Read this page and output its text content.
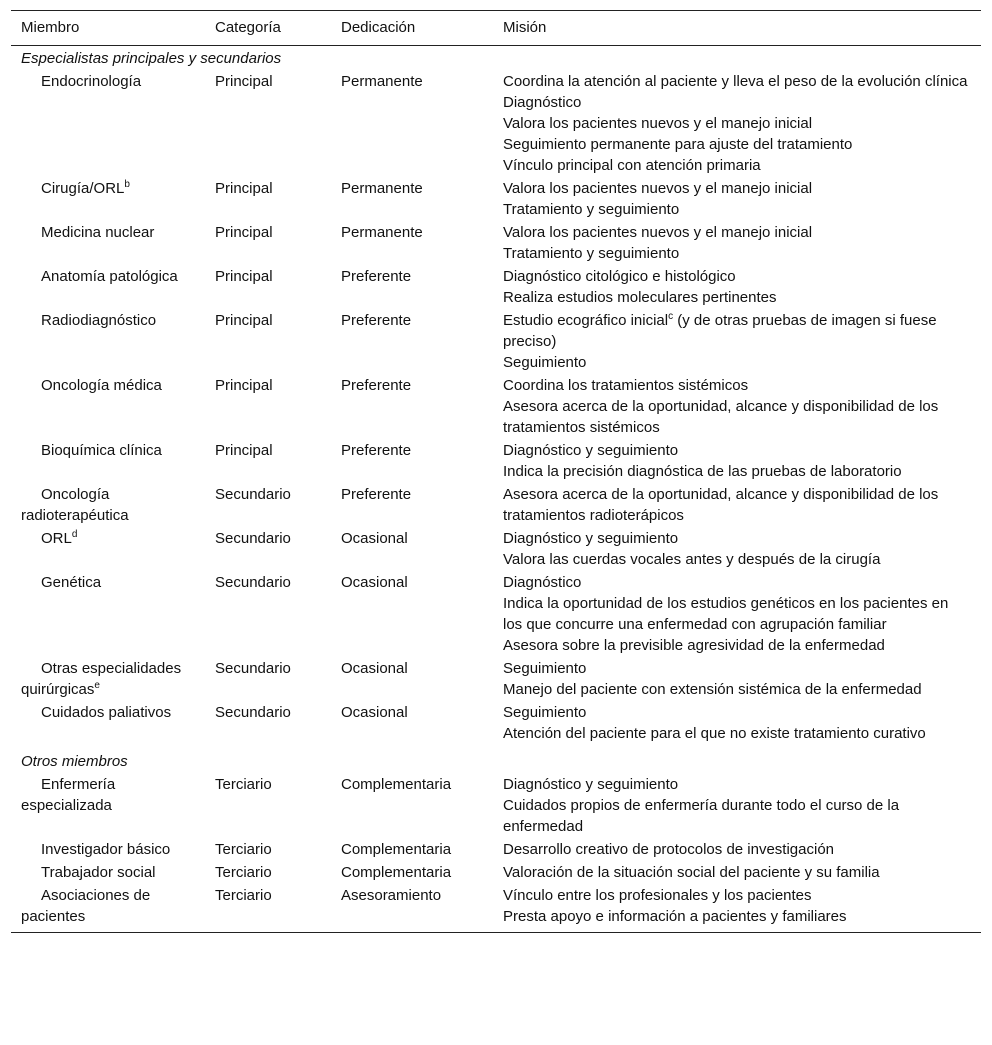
Miembro	Categoría	Dedicación	Misión
Especialistas principales y secundarios			

Endocrinología	Principal	Permanente	Coordina la atención al paciente y lleva el peso de la evolución clínica
Diagnóstico
Valora los pacientes nuevos y el manejo inicial
Seguimiento permanente para ajuste del tratamiento
Vínculo principal con atención primaria

Cirugía/ORL$^b$	Principal	Permanente	Valora los pacientes nuevos y el manejo inicial
Tratamiento y seguimiento

Medicina nuclear	Principal	Permanente	Valora los pacientes nuevos y el manejo inicial
Tratamiento y seguimiento

Anatomía patológica	Principal	Preferente	Diagnóstico citológico e histológico
Realiza estudios moleculares pertinentes

Radiodiagnóstico	Principal	Preferente	Estudio ecográfico inicial$^c$ (y de otras pruebas de imagen si fuese preciso)
Seguimiento

Oncología médica	Principal	Preferente	Coordina los tratamientos sistémicos
Asesora acerca de la oportunidad, alcance y disponibilidad de los tratamientos sistémicos

Bioquímica clínica	Principal	Preferente	Diagnóstico y seguimiento
Indica la precisión diagnóstica de las pruebas de laboratorio

Oncología radioterapéutica	Secundario	Preferente	Asesora acerca de la oportunidad, alcance y disponibilidad de los tratamientos radioterápicos

ORL$^d$	Secundario	Ocasional	Diagnóstico y seguimiento
Valora las cuerdas vocales antes y después de la cirugía

Genética	Secundario	Ocasional	Diagnóstico
Indica la oportunidad de los estudios genéticos en los pacientes en los que concurre una enfermedad con agrupación familiar
Asesora sobre la previsible agresividad de la enfermedad

Otras especialidades quirúrgicas$^e$	Secundario	Ocasional	Seguimiento
Manejo del paciente con extensión sistémica de la enfermedad

Cuidados paliativos	Secundario	Ocasional	Seguimiento
Atención del paciente para el que no existe tratamiento curativo

Otros miembros			

Enfermería especializada	Terciario	Complementaria	Diagnóstico y seguimiento
Cuidados propios de enfermería durante todo el curso de la enfermedad

Investigador básico	Terciario	Complementaria	Desarrollo creativo de protocolos de investigación

Trabajador social	Terciario	Complementaria	Valoración de la situación social del paciente y su familia

Asociaciones de pacientes	Terciario	Asesoramiento	Vínculo entre los profesionales y los pacientes
Presta apoyo e información a pacientes y familiares
